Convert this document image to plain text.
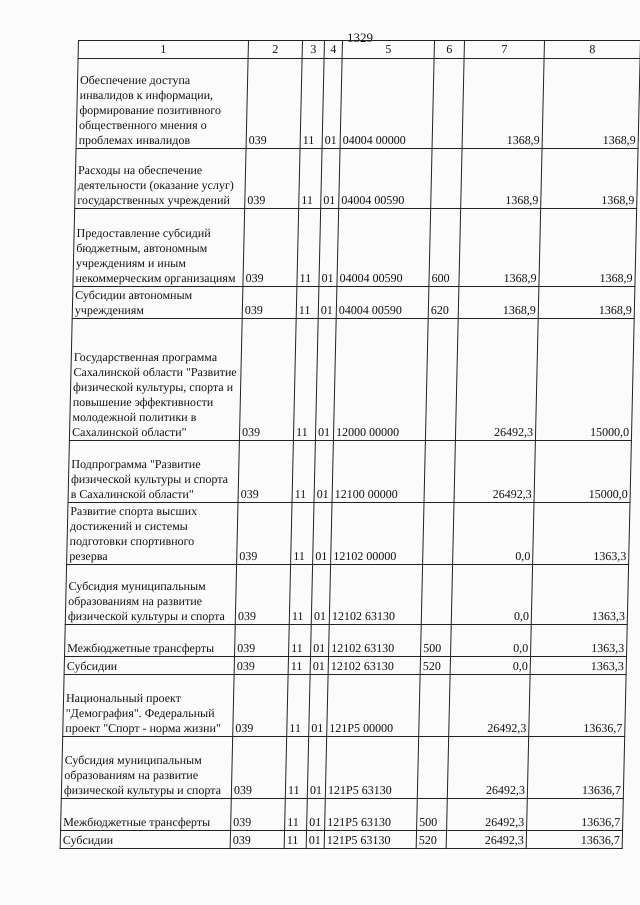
1329
1	2	3	4	5	6	7	8
Обеспечение доступа инвалидов к информации, формирование позитивного общественного мнения о проблемах инвалидов	039	11	01	04004 00000		1368,9	1368,9
Расходы на обеспечение деятельности (оказание услуг) государственных учреждений	039	11	01	04004 00590		1368,9	1368,9
Предоставление субсидий бюджетным, автономным учреждениям и иным некоммерческим организациям	039	11	01	04004 00590	600	1368,9	1368,9
Субсидии автономным учреждениям	039	11	01	04004 00590	620	1368,9	1368,9
Государственная программа Сахалинской области "Развитие физической культуры, спорта и повышение эффективности молодежной политики в Сахалинской области"	039	11	01	12000 00000		26492,3	15000,0
Подпрограмма "Развитие физической культуры и спорта в Сахалинской области"	039	11	01	12100 00000		26492,3	15000,0
Развитие спорта высших достижений и системы подготовки спортивного резерва	039	11	01	12102 00000		0,0	1363,3
Субсидия муниципальным образованиям на развитие физической культуры и спорта	039	11	01	12102 63130		0,0	1363,3
Межбюджетные трансферты	039	11	01	12102 63130	500	0,0	1363,3
Субсидии	039	11	01	12102 63130	520	0,0	1363,3
Национальный проект "Демография". Федеральный проект "Спорт - норма жизни"	039	11	01	121P5 00000		26492,3	13636,7
Субсидия муниципальным образованиям на развитие физической культуры и спорта	039	11	01	121P5 63130		26492,3	13636,7
Межбюджетные трансферты	039	11	01	121P5 63130	500	26492,3	13636,7
Субсидии	039	11	01	121P5 63130	520	26492,3	13636,7
